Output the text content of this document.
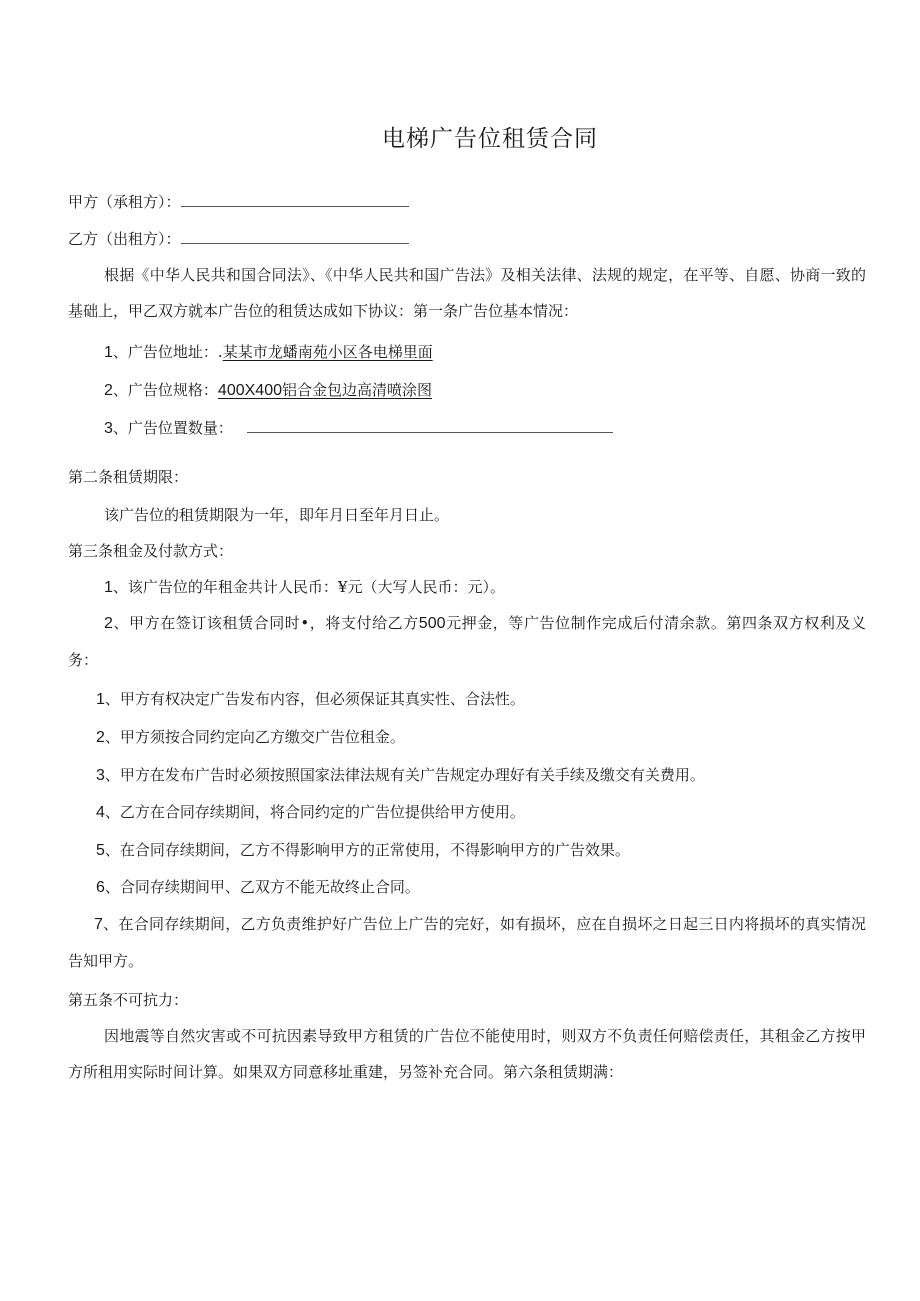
电梯广告位租赁合同
甲方（承租方）：
乙方（出租方）：
根据《中华人民共和国合同法》、《中华人民共和国广告法》及相关法律、法规的规定，在平等、自愿、协商一致的基础上，甲乙双方就本广告位的租赁达成如下协议：第一条广告位基本情况：
1、广告位地址：.某某市龙蟠南苑小区各电梯里面
2、广告位规格：400X400铝合金包边高清喷涂图
3、广告位置数量：
第二条租赁期限：
该广告位的租赁期限为一年，即年月日至年月日止。
第三条租金及付款方式：
1、该广告位的年租金共计人民币：¥元（大写人民币：元）。
2、甲方在签订该租赁合同时•，将支付给乙方500元押金，等广告位制作完成后付清余款。第四条双方权利及义务：
1、甲方有权决定广告发布内容，但必须保证其真实性、合法性。
2、甲方须按合同约定向乙方缴交广告位租金。
3、甲方在发布广告时必须按照国家法律法规有关广告规定办理好有关手续及缴交有关费用。
4、乙方在合同存续期间，将合同约定的广告位提供给甲方使用。
5、在合同存续期间，乙方不得影响甲方的正常使用，不得影响甲方的广告效果。
6、合同存续期间甲、乙双方不能无故终止合同。
7、在合同存续期间，乙方负责维护好广告位上广告的完好，如有损坏，应在自损坏之日起三日内将损坏的真实情况告知甲方。
第五条不可抗力：
因地震等自然灾害或不可抗因素导致甲方租赁的广告位不能使用时，则双方不负责任何赔偿责任，其租金乙方按甲方所租用实际时间计算。如果双方同意移址重建，另签补充合同。第六条租赁期满：
